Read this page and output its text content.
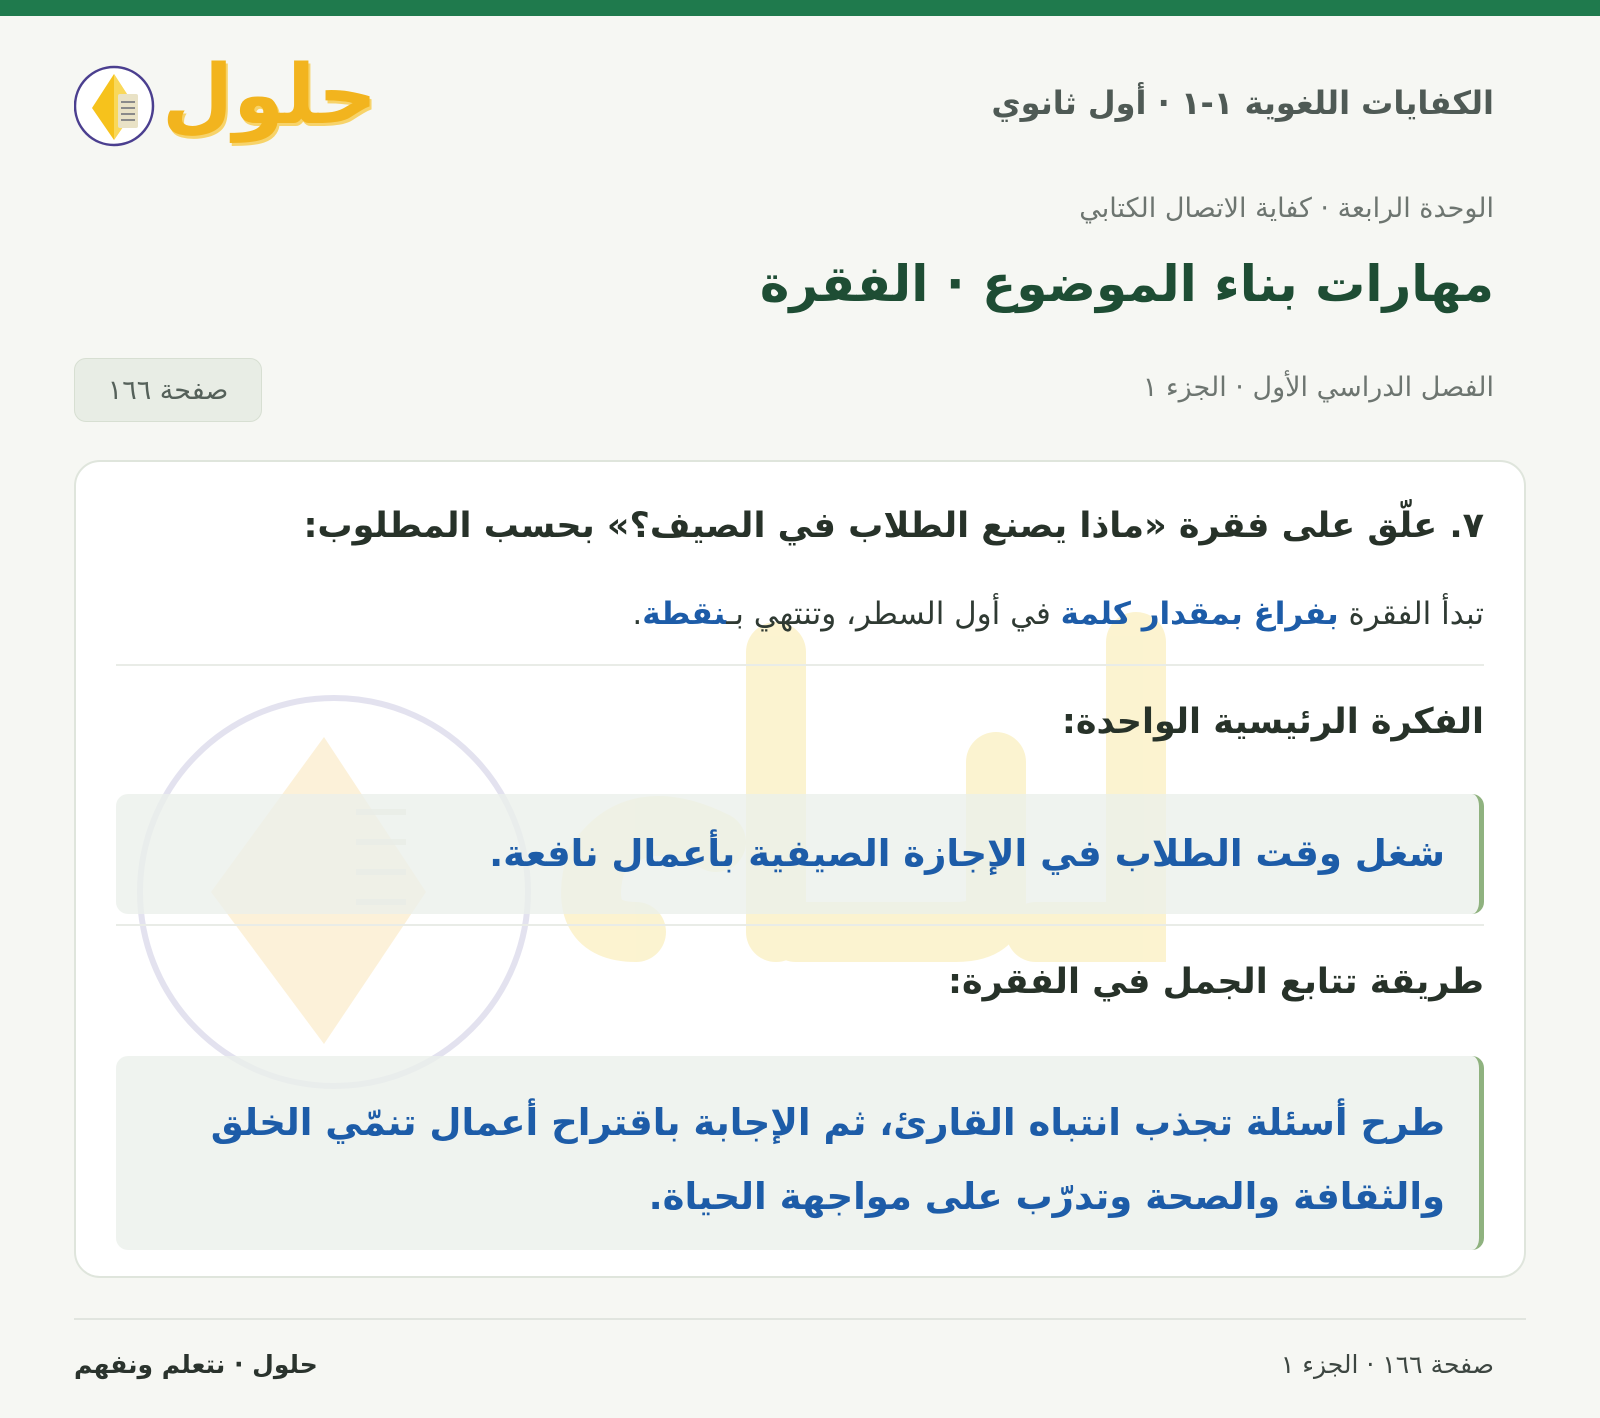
حلول	الكفايات اللغوية ١-١ · أول ثانوي
الوحدة الرابعة · كفاية الاتصال الكتابي
مهارات بناء الموضوع · الفقرة
الفصل الدراسي الأول · الجزء ١
صفحة ١٦٦
٧. علّق على فقرة «ماذا يصنع الطلاب في الصيف؟» بحسب المطلوب:
تبدأ الفقرة بفراغ بمقدار كلمة في أول السطر، وتنتهي بـنقطة.
الفكرة الرئيسية الواحدة:
شغل وقت الطلاب في الإجازة الصيفية بأعمال نافعة.
طريقة تتابع الجمل في الفقرة:
طرح أسئلة تجذب انتباه القارئ، ثم الإجابة باقتراح أعمال تنمّي الخلق والثقافة والصحة وتدرّب على مواجهة الحياة.
حلول · نتعلم ونفهم	صفحة ١٦٦ · الجزء ١
